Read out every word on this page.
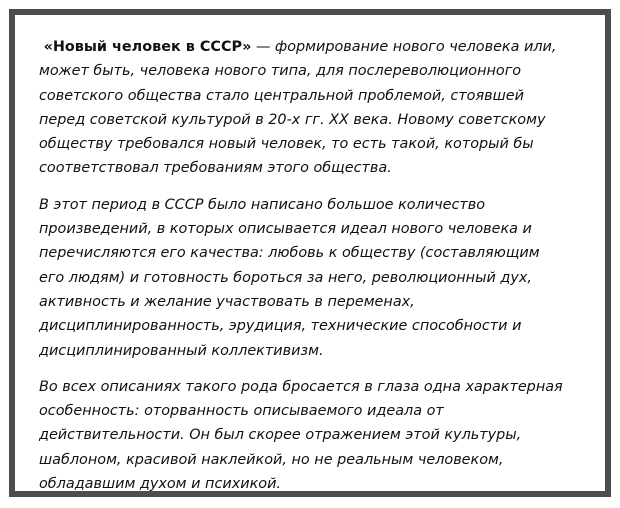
«Новый человек в СССР» — формирование нового человека или, может быть, человека нового типа, для послереволюционного советского общества стало центральной проблемой, стоявшей перед советской культурой в 20-х гг. XX века. Новому советскому обществу требовался новый человек, то есть такой, который бы соответствовал требованиям этого общества.

В этот период в СССР было написано большое количество произведений, в которых описывается идеал нового человека и перечисляются его качества: любовь к обществу (составляющим его людям) и готовность бороться за него, революционный дух, активность и желание участвовать в переменах, дисциплинированность, эрудиция, технические способности и дисциплинированный коллективизм.

Во всех описаниях такого рода бросается в глаза одна характерная особенность: оторванность описываемого идеала от действительности. Он был скорее отражением этой культуры, шаблоном, красивой наклейкой, но не реальным человеком, обладавшим духом и психикой.
